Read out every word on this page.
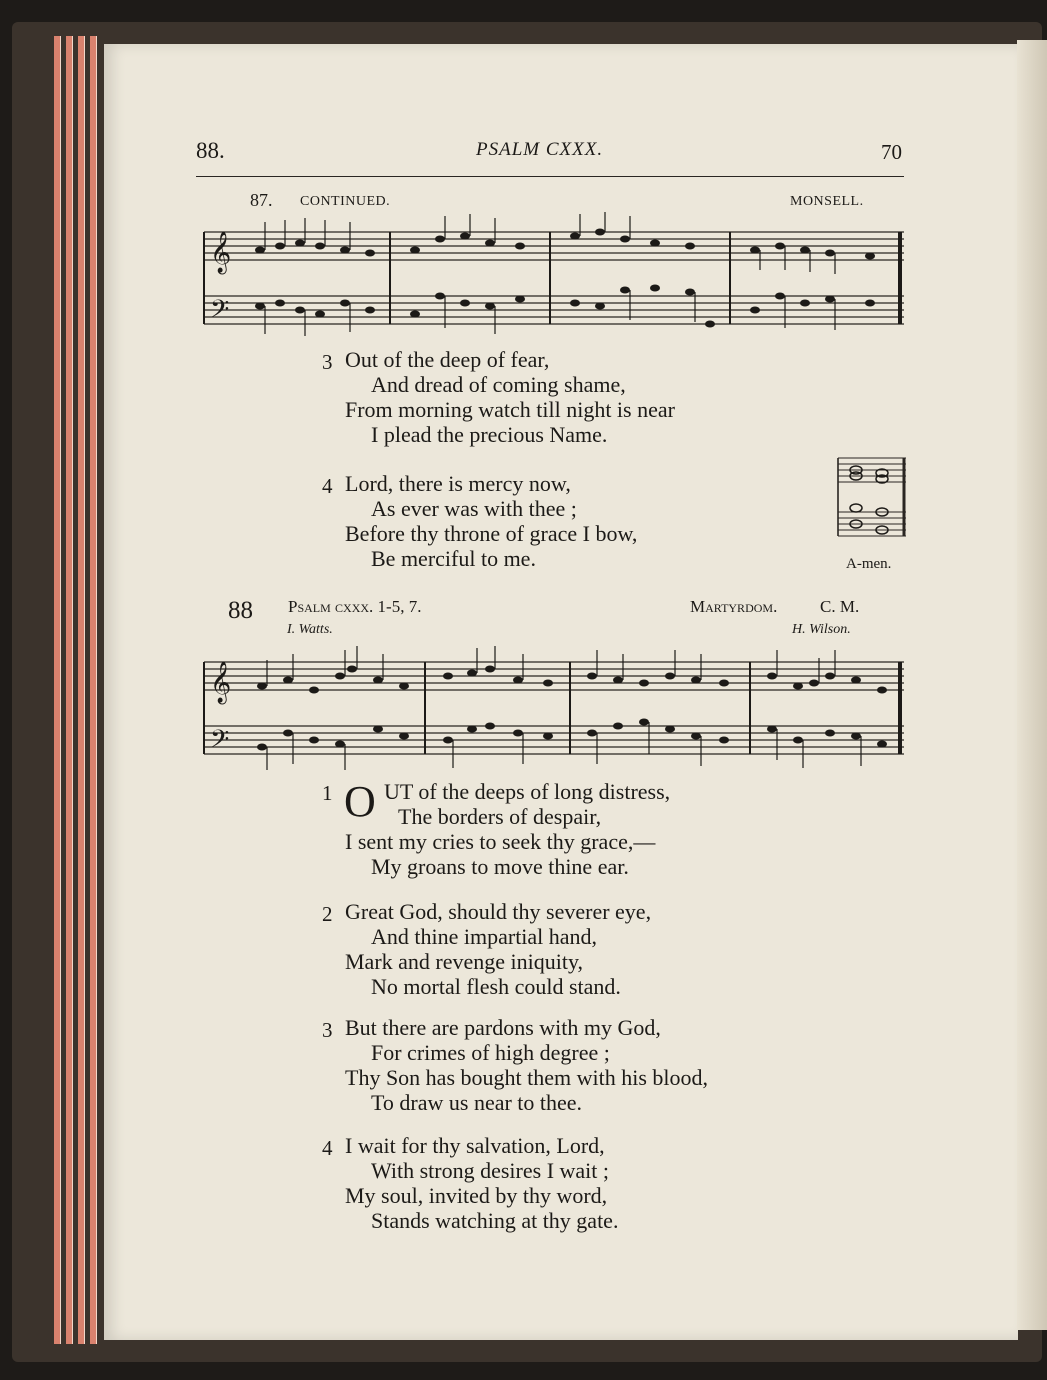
88.	PSALM CXXX.	70
87. CONTINUED.	MONSELL.
𝄞
𝄢
3 Out of the deep of fear,
And dread of coming shame,
From morning watch till night is near
I plead the precious Name.
4 Lord, there is mercy now,
As ever was with thee ;
Before thy throne of grace I bow,
Be merciful to me.	A-men.
88 Psalm cxxx. 1-5, 7.	Martyrdom.	C. M.
I. Watts.	H. Wilson.
𝄞
𝄢
1 O UT of the deeps of long distress,
The borders of despair,
I sent my cries to seek thy grace,—
My groans to move thine ear.
2 Great God, should thy severer eye,
And thine impartial hand,
Mark and revenge iniquity,
No mortal flesh could stand.
3 But there are pardons with my God,
For crimes of high degree ;
Thy Son has bought them with his blood,
To draw us near to thee.
4 I wait for thy salvation, Lord,
With strong desires I wait ;
My soul, invited by thy word,
Stands watching at thy gate.
